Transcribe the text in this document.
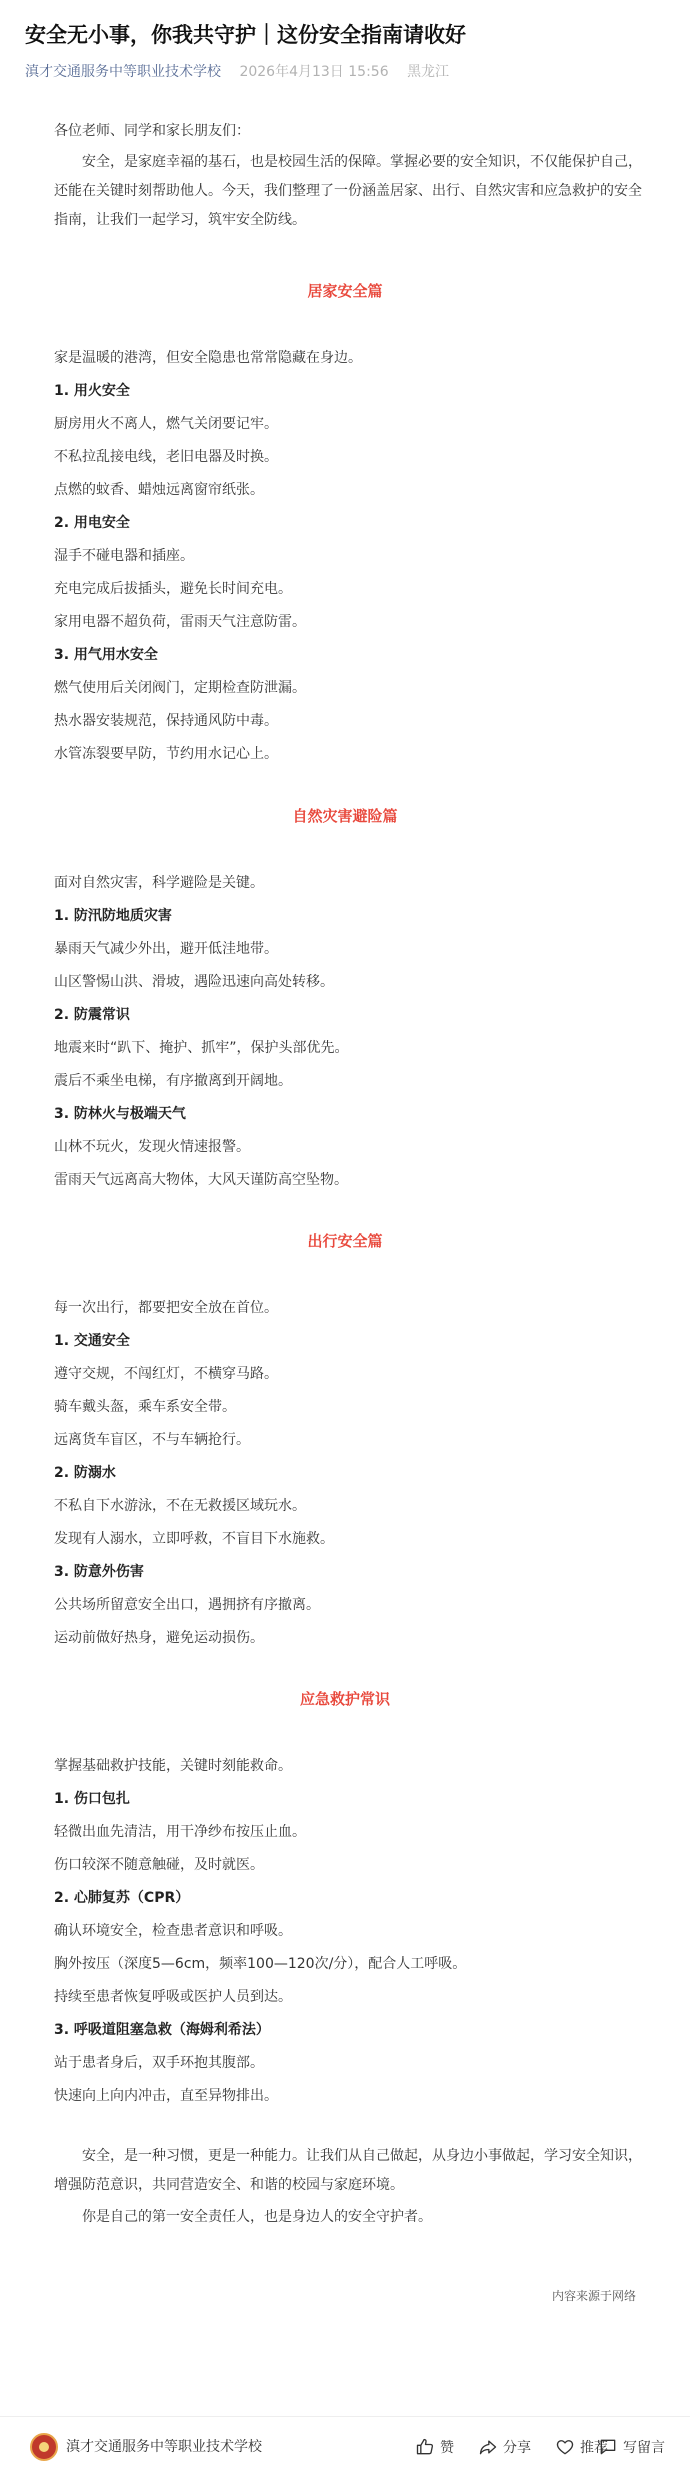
安全无小事，你我共守护｜这份安全指南请收好
滇才交通服务中等职业技术学校 2026年4月13日 15:56 黑龙江
各位老师、同学和家长朋友们：
安全，是家庭幸福的基石，也是校园生活的保障。掌握必要的安全知识，不仅能保护自己，还能在关键时刻帮助他人。今天，我们整理了一份涵盖居家、出行、自然灾害和应急救护的安全指南，让我们一起学习，筑牢安全防线。
居家安全篇
家是温暖的港湾，但安全隐患也常常隐藏在身边。
1. 用火安全
厨房用火不离人，燃气关闭要记牢。
不私拉乱接电线，老旧电器及时换。
点燃的蚊香、蜡烛远离窗帘纸张。
2. 用电安全
湿手不碰电器和插座。
充电完成后拔插头，避免长时间充电。
家用电器不超负荷，雷雨天气注意防雷。
3. 用气用水安全
燃气使用后关闭阀门，定期检查防泄漏。
热水器安装规范，保持通风防中毒。
水管冻裂要早防，节约用水记心上。
自然灾害避险篇
面对自然灾害，科学避险是关键。
1. 防汛防地质灾害
暴雨天气减少外出，避开低洼地带。
山区警惕山洪、滑坡，遇险迅速向高处转移。
2. 防震常识
地震来时“趴下、掩护、抓牢”，保护头部优先。
震后不乘坐电梯，有序撤离到开阔地。
3. 防林火与极端天气
山林不玩火，发现火情速报警。
雷雨天气远离高大物体，大风天谨防高空坠物。
出行安全篇
每一次出行，都要把安全放在首位。
1. 交通安全
遵守交规，不闯红灯，不横穿马路。
骑车戴头盔，乘车系安全带。
远离货车盲区，不与车辆抢行。
2. 防溺水
不私自下水游泳，不在无救援区域玩水。
发现有人溺水，立即呼救，不盲目下水施救。
3. 防意外伤害
公共场所留意安全出口，遇拥挤有序撤离。
运动前做好热身，避免运动损伤。
应急救护常识
掌握基础救护技能，关键时刻能救命。
1. 伤口包扎
轻微出血先清洁，用干净纱布按压止血。
伤口较深不随意触碰，及时就医。
2. 心肺复苏（CPR）
确认环境安全，检查患者意识和呼吸。
胸外按压（深度5—6cm，频率100—120次/分），配合人工呼吸。
持续至患者恢复呼吸或医护人员到达。
3. 呼吸道阻塞急救（海姆利希法）
站于患者身后，双手环抱其腹部。
快速向上向内冲击，直至异物排出。
安全，是一种习惯，更是一种能力。让我们从自己做起，从身边小事做起，学习安全知识，增强防范意识，共同营造安全、和谐的校园与家庭环境。
你是自己的第一安全责任人，也是身边人的安全守护者。
内容来源于网络
滇才交通服务中等职业技术学校	赞	分享	推荐 写留言
